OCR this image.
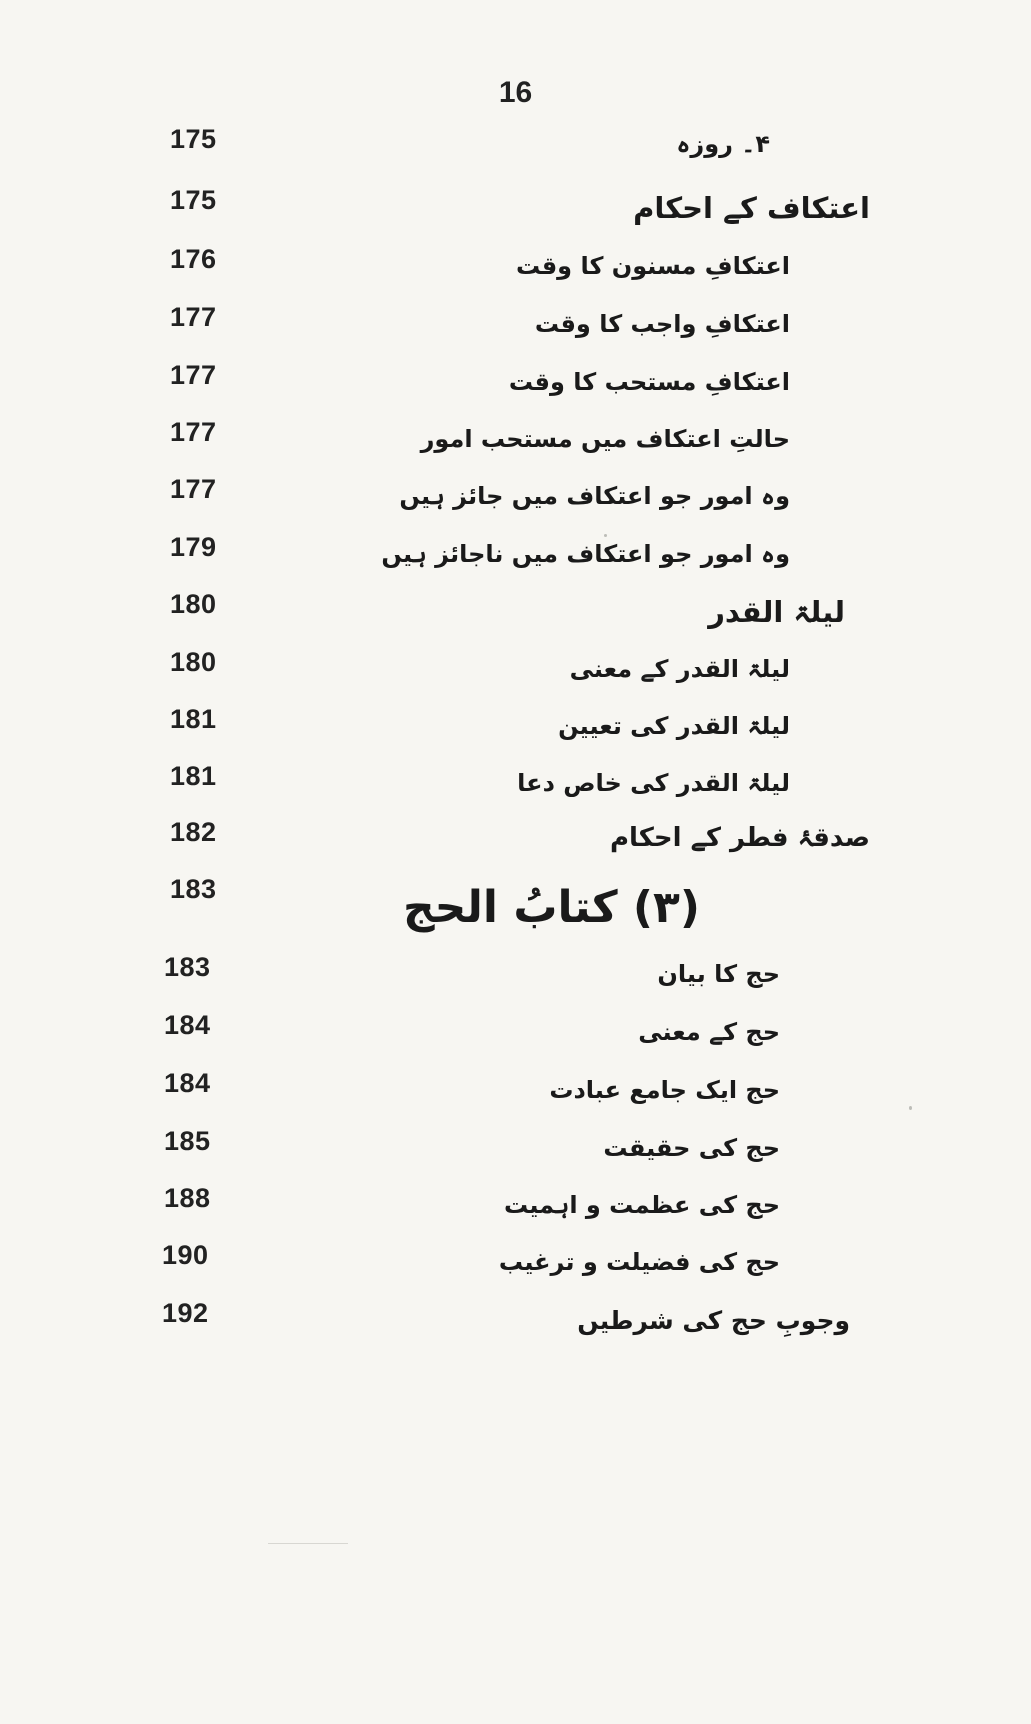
16
175	۴۔ روزہ
175	اعتکاف کے احکام
176	اعتکافِ مسنون کا وقت
177	اعتکافِ واجب کا وقت
177	اعتکافِ مستحب کا وقت
177	حالتِ اعتکاف میں مستحب امور
177	وہ امور جو اعتکاف میں جائز ہیں
179	وہ امور جو اعتکاف میں ناجائز ہیں
180	لیلۃ القدر
180	لیلۃ القدر کے معنی
181	لیلۃ القدر کی تعیین
181	لیلۃ القدر کی خاص دعا
182	صدقۂ فطر کے احکام
183	(۳) کتابُ الحج
183	حج کا بیان
184	حج کے معنی
184	حج ایک جامع عبادت
185	حج کی حقیقت
188	حج کی عظمت و اہمیت
190	حج کی فضیلت و ترغیب
192	وجوبِ حج کی شرطیں
